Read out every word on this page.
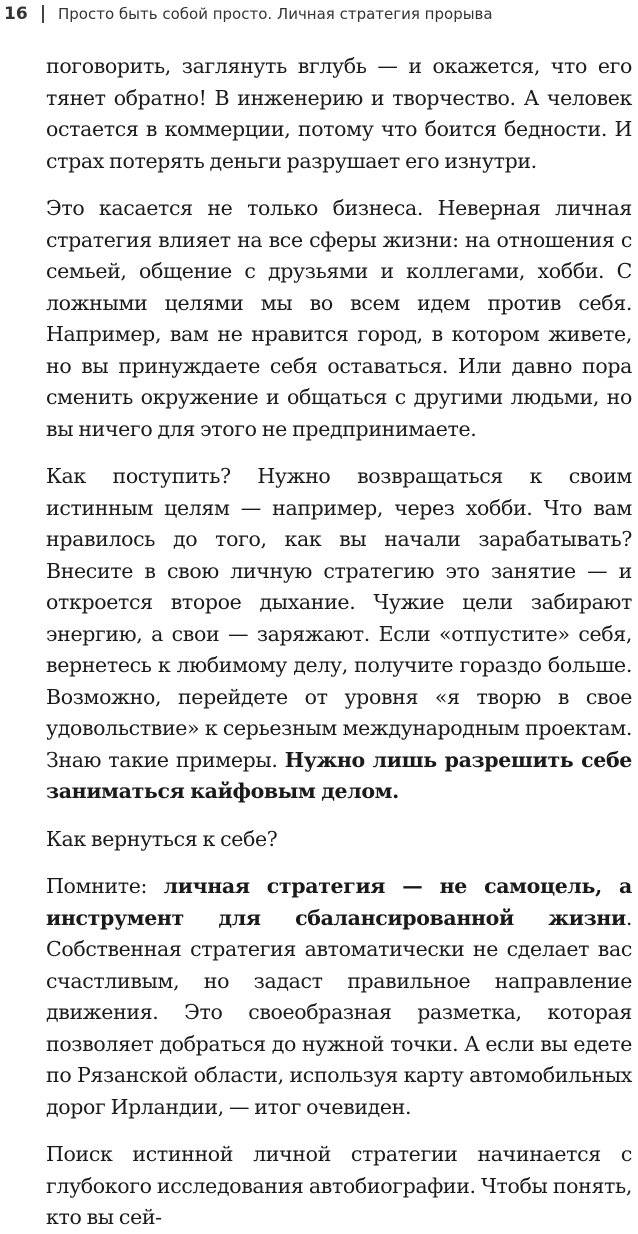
16	Просто быть собой просто. Личная стратегия прорыва

поговорить, заглянуть вглубь — и окажется, что его тянет обратно! В инженерию и творчество. А человек остается в коммерции, потому что боится бедности. И страх потерять деньги разрушает его изнутри.

Это касается не только бизнеса. Неверная личная стратегия влияет на все сферы жизни: на отношения с семьей, общение с друзьями и коллегами, хобби. С ложными целями мы во всем идем против себя. Например, вам не нравится город, в котором живете, но вы принуждаете себя оставаться. Или давно пора сменить окружение и общаться с другими людьми, но вы ничего для этого не предпринимаете.

Как поступить? Нужно возвращаться к своим истинным целям — например, через хобби. Что вам нравилось до того, как вы начали зарабатывать? Внесите в свою личную стратегию это занятие — и откроется второе дыхание. Чужие цели забирают энергию, а свои — заряжают. Если «отпустите» себя, вернетесь к любимому делу, получите гораздо больше. Возможно, перейдете от уровня «я творю в свое удовольствие» к серьезным международным проектам. Знаю такие примеры. Нужно лишь разрешить себе заниматься кайфовым делом.

Как вернуться к себе?

Помните: личная стратегия — не самоцель, а инструмент для сбалансированной жизни. Собственная стратегия автоматически не сделает вас счастливым, но задаст правильное направление движения. Это своеобразная разметка, которая позволяет добраться до нужной точки. А если вы едете по Рязанской области, используя карту автомобильных дорог Ирландии, — итог очевиден.

Поиск истинной личной стратегии начинается с глубокого исследования автобиографии. Чтобы понять, кто вы сей-
